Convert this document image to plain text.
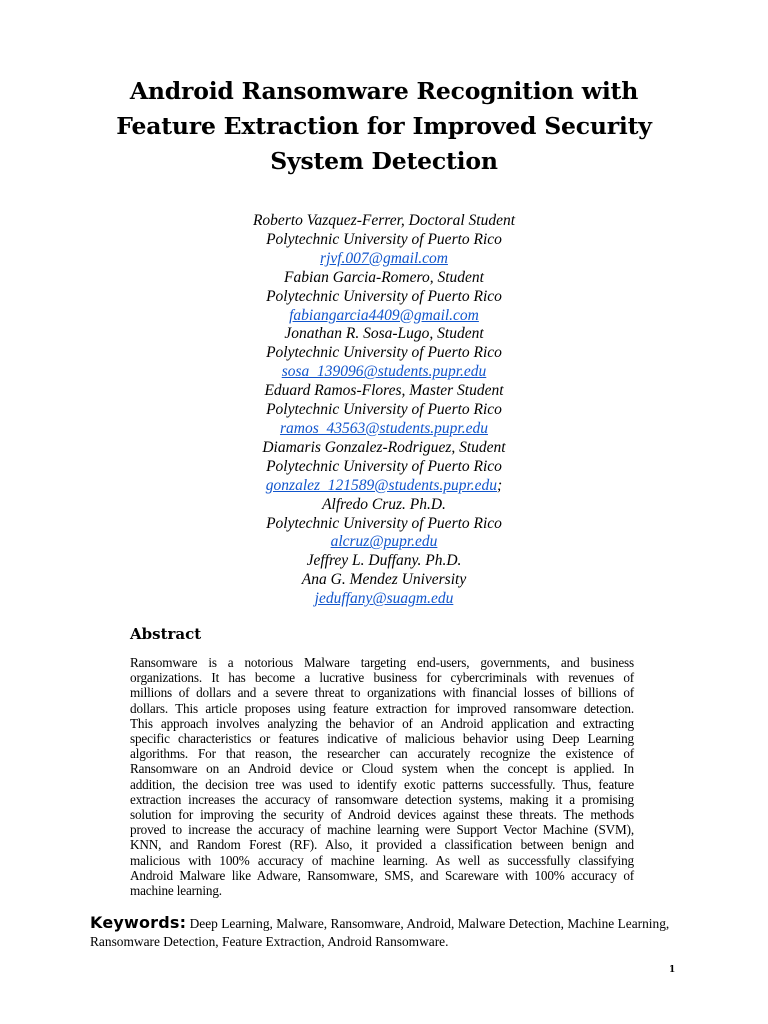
Android Ransomware Recognition with
Feature Extraction for Improved Security
System Detection
Roberto Vazquez-Ferrer, Doctoral Student
Polytechnic University of Puerto Rico
rjvf.007@gmail.com
Fabian Garcia-Romero, Student
Polytechnic University of Puerto Rico
fabiangarcia4409@gmail.com
Jonathan R. Sosa-Lugo, Student
Polytechnic University of Puerto Rico
sosa_139096@students.pupr.edu
Eduard Ramos-Flores, Master Student
Polytechnic University of Puerto Rico
ramos_43563@students.pupr.edu
Diamaris Gonzalez-Rodriguez, Student
Polytechnic University of Puerto Rico
gonzalez_121589@students.pupr.edu;
Alfredo Cruz. Ph.D.
Polytechnic University of Puerto Rico
alcruz@pupr.edu
Jeffrey L. Duffany. Ph.D.
Ana G. Mendez University
jeduffany@suagm.edu
Abstract
Ransomware is a notorious Malware targeting end-users, governments, and business
organizations. It has become a lucrative business for cybercriminals with revenues of
millions of dollars and a severe threat to organizations with financial losses of billions of
dollars. This article proposes using feature extraction for improved ransomware detection.
This approach involves analyzing the behavior of an Android application and extracting
specific characteristics or features indicative of malicious behavior using Deep Learning
algorithms. For that reason, the researcher can accurately recognize the existence of
Ransomware on an Android device or Cloud system when the concept is applied. In
addition, the decision tree was used to identify exotic patterns successfully. Thus, feature
extraction increases the accuracy of ransomware detection systems, making it a promising
solution for improving the security of Android devices against these threats. The methods
proved to increase the accuracy of machine learning were Support Vector Machine (SVM),
KNN, and Random Forest (RF). Also, it provided a classification between benign and
malicious with 100% accuracy of machine learning. As well as successfully classifying
Android Malware like Adware, Ransomware, SMS, and Scareware with 100% accuracy of
machine learning.
Keywords: Deep Learning, Malware, Ransomware, Android, Malware Detection, Machine Learning,
Ransomware Detection, Feature Extraction, Android Ransomware.
1
